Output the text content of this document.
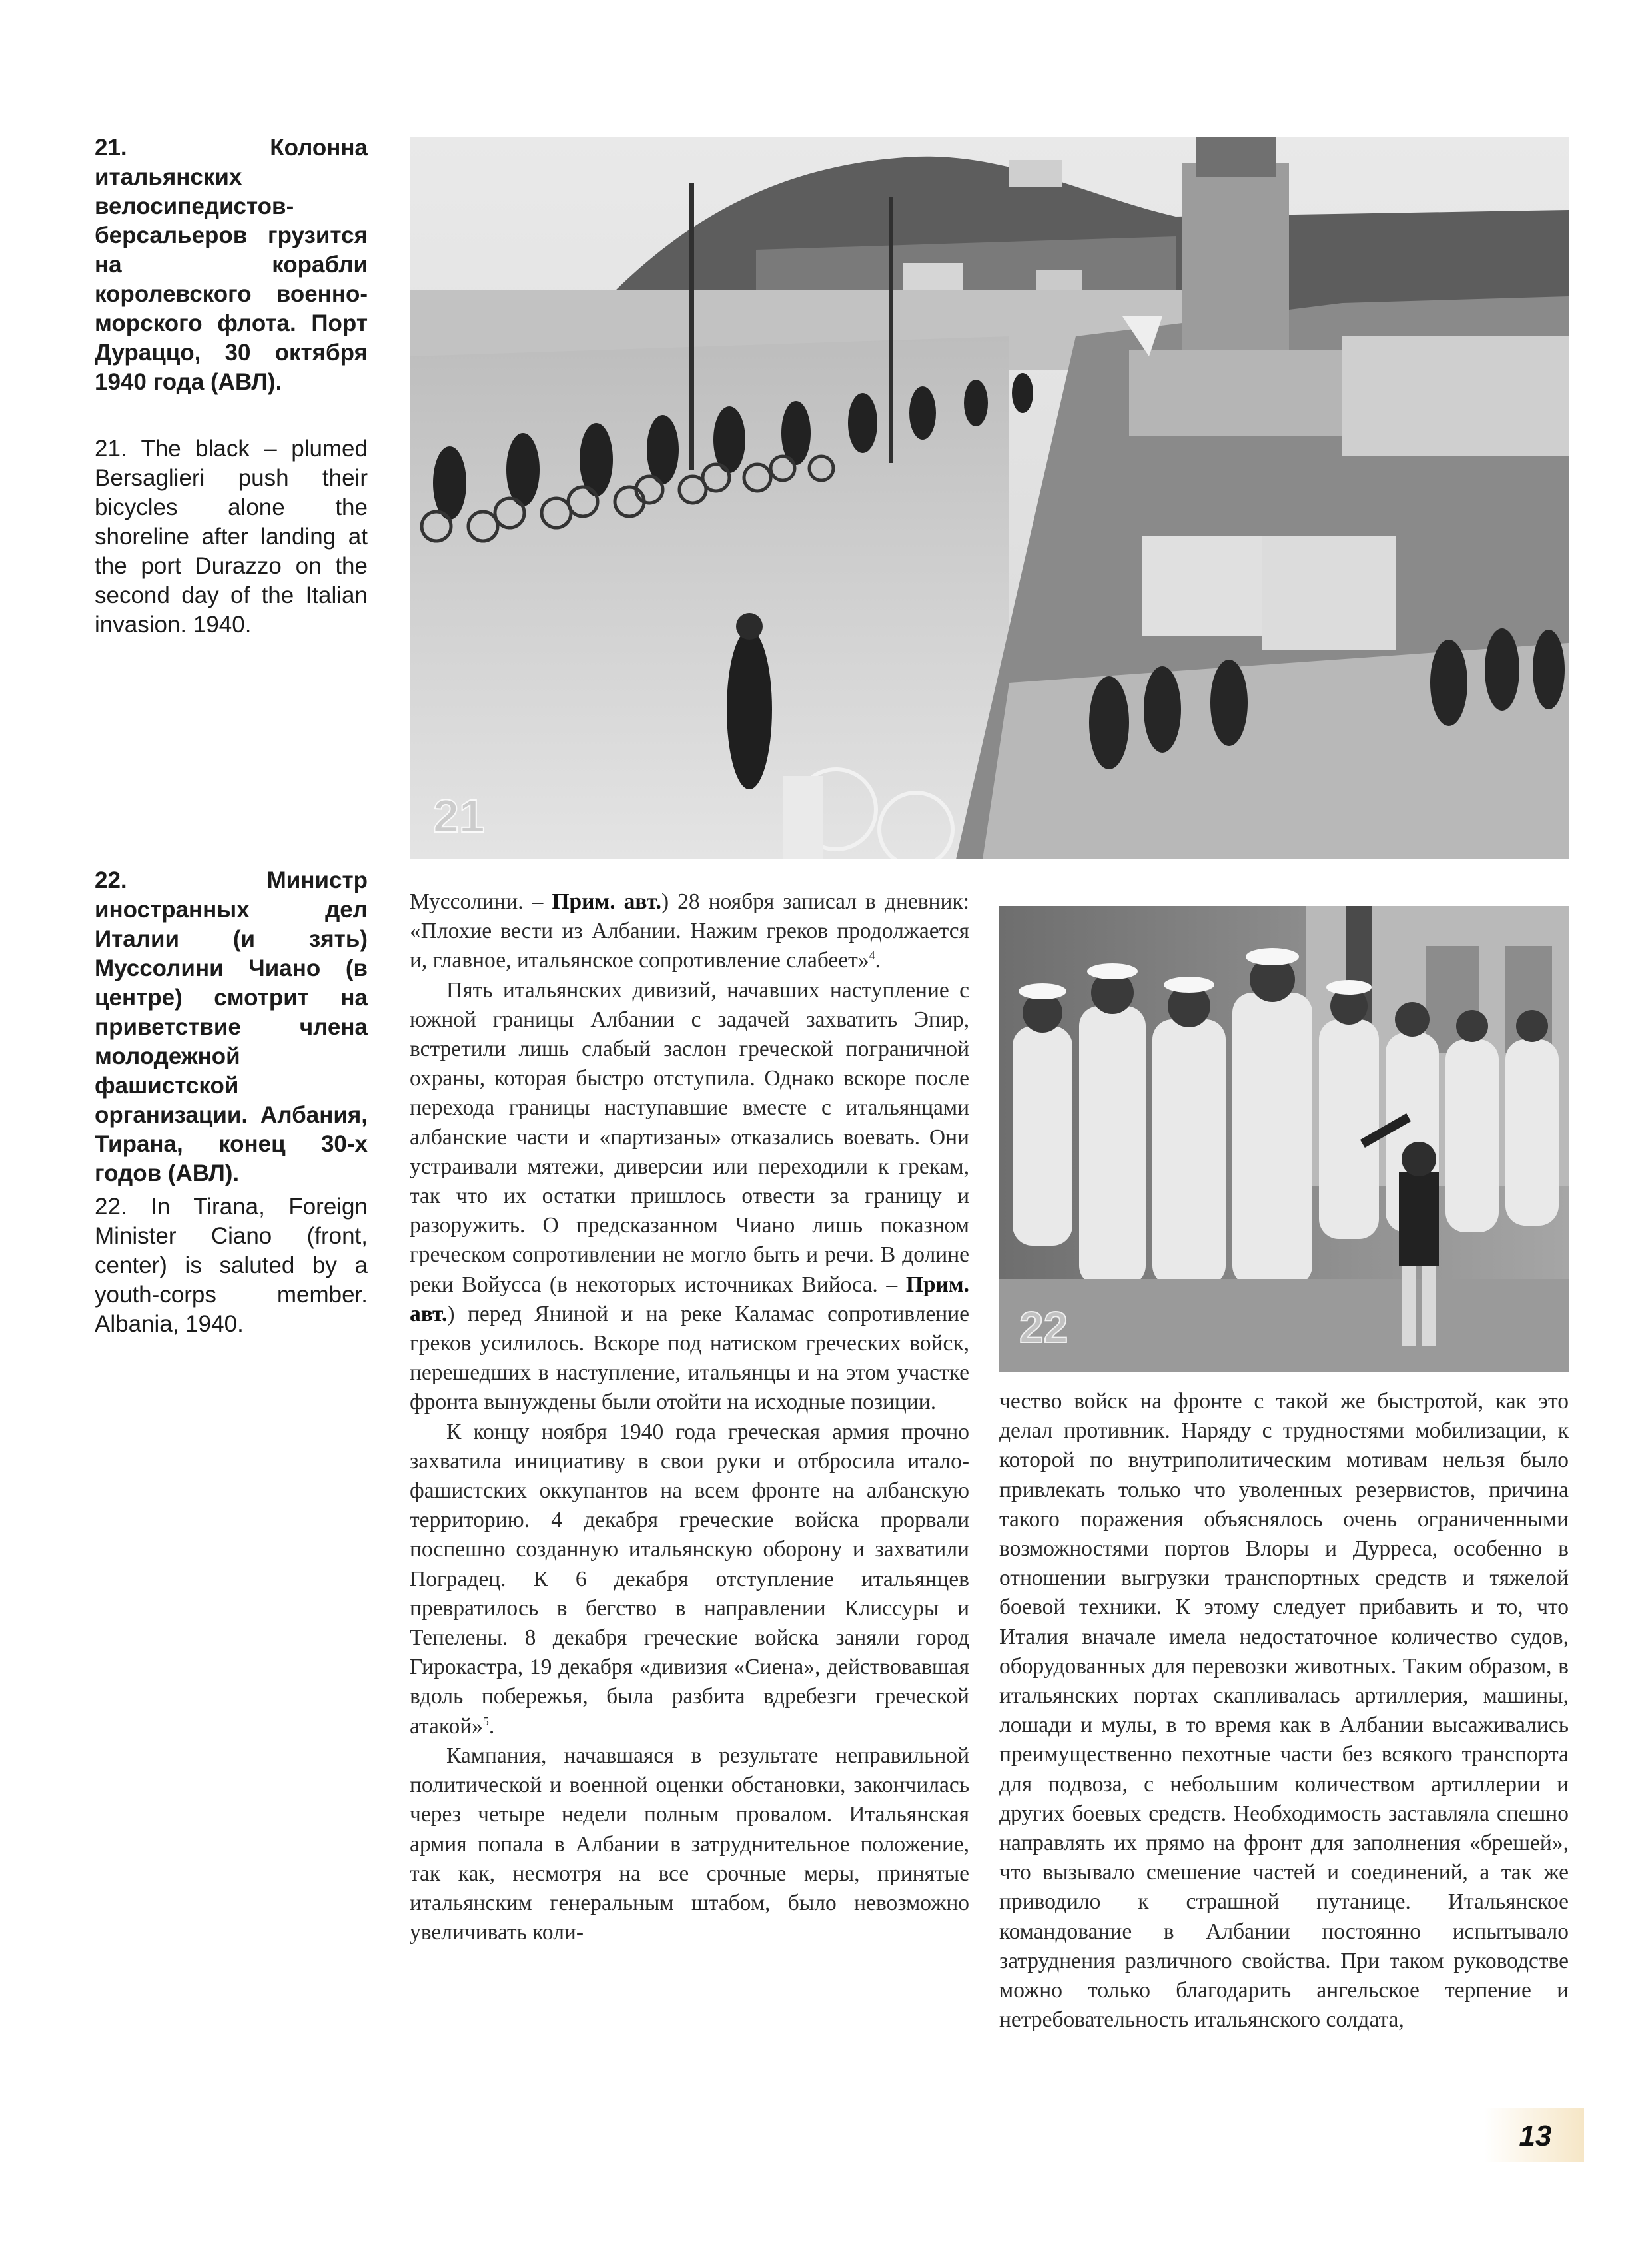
21. Колонна итальянских велосипедистов-берсальеров грузится на корабли королевского военно-морского флота. Порт Дураццо, 30 октября 1940 года (АВЛ).

21. The black – plumed Bersaglieri push their bicycles alone the shoreline after landing at the port Durazzo on the second day of the Italian invasion. 1940.

22. Министр иностранных дел Италии (и зять) Муссолини Чиано (в центре) смотрит на приветствие члена молодежной фашистской организации. Албания, Тирана, конец 30-х годов (АВЛ).

22. In Tirana, Foreign Minister Ciano (front, center) is saluted by a youth-corps member. Albania, 1940.

21
22

Муссолини. – Прим. авт.) 28 ноября записал в дневник: «Плохие вести из Албании. Нажим греков продолжается и, главное, итальянское сопротивление слабеет»$^4$.

Пять итальянских дивизий, начавших наступление с южной границы Албании с задачей захватить Эпир, встретили лишь слабый заслон греческой пограничной охраны, которая быстро отступила. Однако вскоре после перехода границы наступавшие вместе с итальянцами албанские части и «партизаны» отказались воевать. Они устраивали мятежи, диверсии или переходили к грекам, так что их остатки пришлось отвести за границу и разоружить. О предсказанном Чиано лишь показном греческом сопротивлении не могло быть и речи. В долине реки Войусса (в некоторых источниках Вийоса. – Прим. авт.) перед Яниной и на реке Каламас сопротивление греков усилилось. Вскоре под натиском греческих войск, перешедших в наступление, итальянцы и на этом участке фронта вынуждены были отойти на исходные позиции.

К концу ноября 1940 года греческая армия прочно захватила инициативу в свои руки и отбросила итало-фашистских оккупантов на всем фронте на албанскую территорию. 4 декабря греческие войска прорвали поспешно созданную итальянскую оборону и захватили Поградец. К 6 декабря отступление итальянцев превратилось в бегство в направлении Клиссуры и Тепелены. 8 декабря греческие войска заняли город Гирокастра, 19 декабря «дивизия «Сиена», действовавшая вдоль побережья, была разбита вдребезги греческой атакой»$^5$.

Кампания, начавшаяся в результате неправильной политической и военной оценки обстановки, закончилась через четыре недели полным провалом. Итальянская армия попала в Албании в затруднительное положение, так как, несмотря на все срочные меры, принятые итальянским генеральным штабом, было невозможно увеличивать коли-

чество войск на фронте с такой же быстротой, как это делал противник. Наряду с трудностями мобилизации, к которой по внутриполитическим мотивам нельзя было привлекать только что уволенных резервистов, причина такого поражения объяснялось очень ограниченными возможностями портов Влоры и Дурреса, особенно в отношении выгрузки транспортных средств и тяжелой боевой техники. К этому следует прибавить и то, что Италия вначале имела недостаточное количество судов, оборудованных для перевозки животных. Таким образом, в итальянских портах скапливалась артиллерия, машины, лошади и мулы, в то время как в Албании высаживались преимущественно пехотные части без всякого транспорта для подвоза, с небольшим количеством артиллерии и других боевых средств. Необходимость заставляла спешно направлять их прямо на фронт для заполнения «брешей», что вызывало смешение частей и соединений, а так же приводило к страшной путанице. Итальянское командование в Албании постоянно испытывало затруднения различного свойства. При таком руководстве можно только благодарить ангельское терпение и нетребовательность итальянского солдата,

13
